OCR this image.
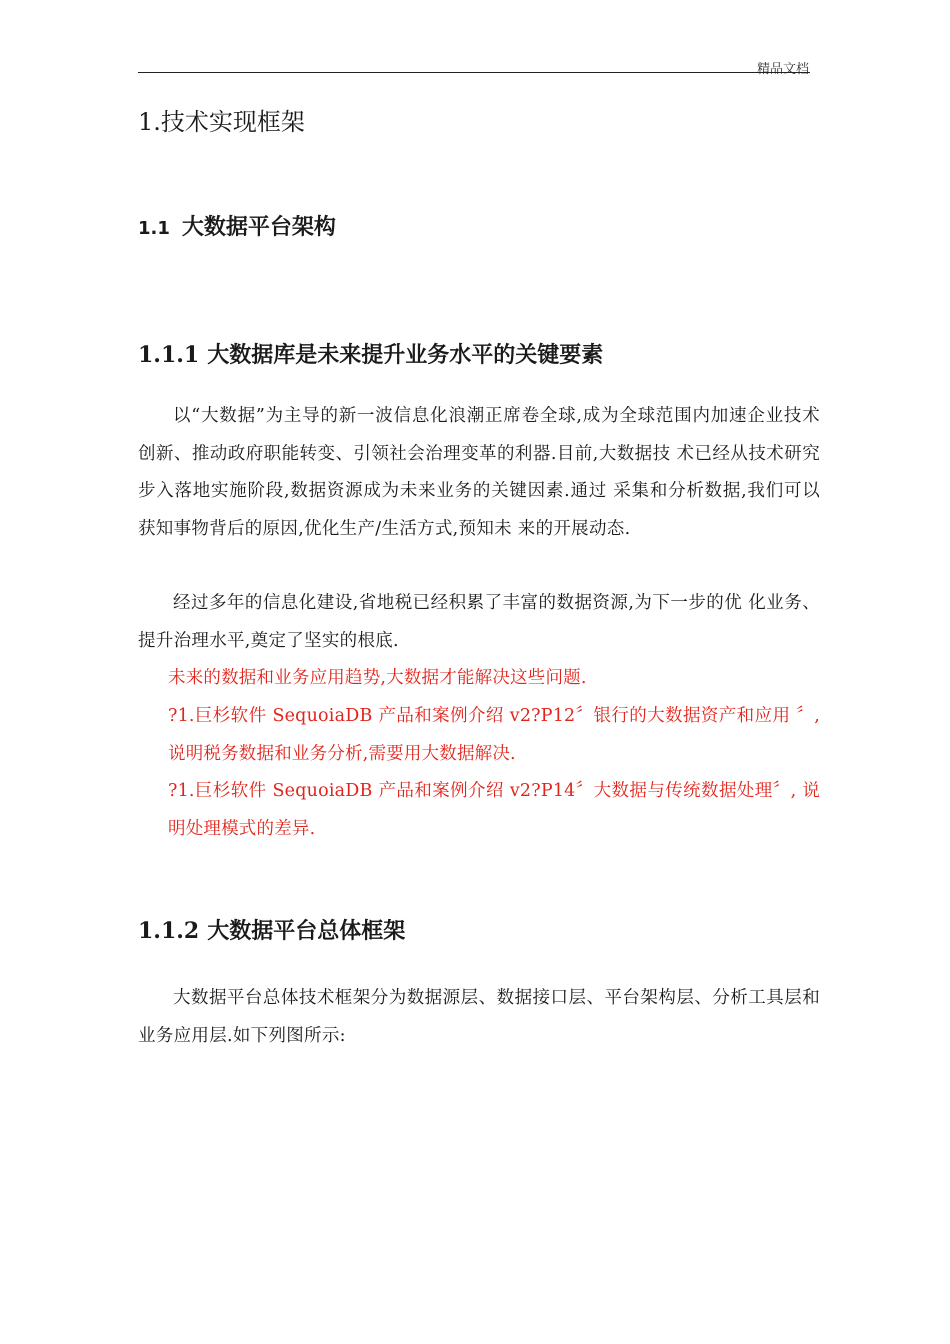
精品文档
1.技术实现框架
1.1 大数据平台架构
1.1.1 大数据库是未来提升业务水平的关键要素

以“大数据”为主导的新一波信息化浪潮正席卷全球,成为全球范围内加速企业技术创新、推动政府职能转变、引领社会治理变革的利器.目前,大数据技 术已经从技术研究步入落地实施阶段,数据资源成为未来业务的关键因素.通过 采集和分析数据,我们可以获知事物背后的原因,优化生产/生活方式,预知未 来的开展动态.

经过多年的信息化建设,省地税已经积累了丰富的数据资源,为下一步的优 化业务、提升治理水平,奠定了坚实的根底.

未来的数据和业务应用趋势,大数据才能解决这些问题.

?1.巨杉软件 SequoiaDB 产品和案例介绍 v2?P12〞银行的大数据资产和应用 〞,说明税务数据和业务分析,需要用大数据解决.

?1.巨杉软件 SequoiaDB 产品和案例介绍 v2?P14〞大数据与传统数据处理〞, 说明处理模式的差异.

1.1.2 大数据平台总体框架

大数据平台总体技术框架分为数据源层、数据接口层、平台架构层、分析工具层和业务应用层.如下列图所示:
